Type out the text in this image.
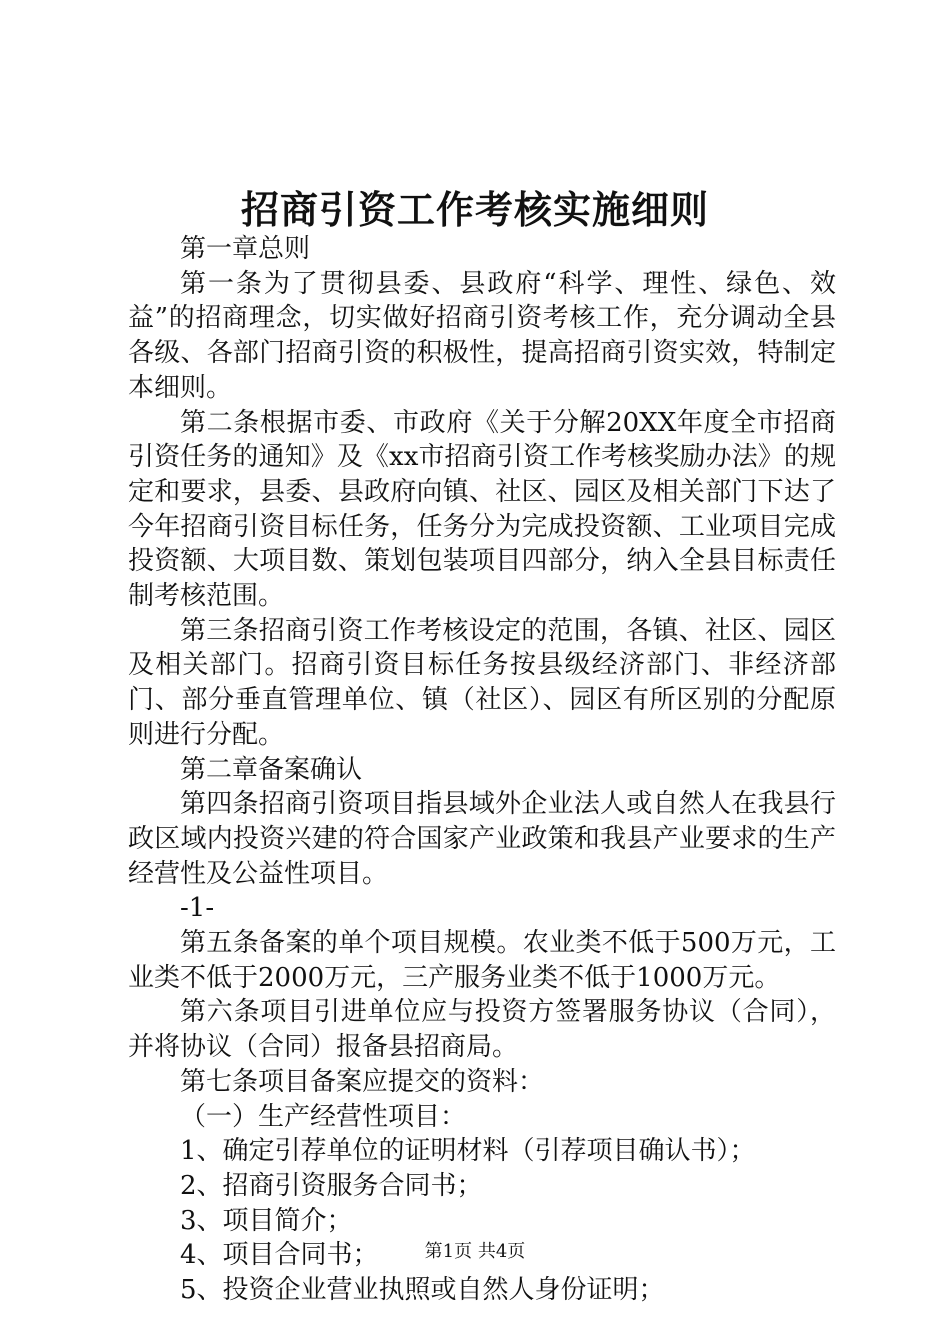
招商引资工作考核实施细则

第一章总则

第一条为了贯彻县委、县政府“科学、理性、绿色、效益”的招商理念，切实做好招商引资考核工作，充分调动全县各级、各部门招商引资的积极性，提高招商引资实效，特制定本细则。

第二条根据市委、市政府《关于分解20XX年度全市招商引资任务的通知》及《xx市招商引资工作考核奖励办法》的规定和要求，县委、县政府向镇、社区、园区及相关部门下达了今年招商引资目标任务，任务分为完成投资额、工业项目完成投资额、大项目数、策划包装项目四部分，纳入全县目标责任制考核范围。

第三条招商引资工作考核设定的范围，各镇、社区、园区及相关部门。招商引资目标任务按县级经济部门、非经济部门、部分垂直管理单位、镇（社区）、园区有所区别的分配原则进行分配。

第二章备案确认

第四条招商引资项目指县域外企业法人或自然人在我县行政区域内投资兴建的符合国家产业政策和我县产业要求的生产经营性及公益性项目。

-1-

第五条备案的单个项目规模。农业类不低于500万元，工业类不低于2000万元，三产服务业类不低于1000万元。

第六条项目引进单位应与投资方签署服务协议（合同），并将协议（合同）报备县招商局。

第七条项目备案应提交的资料：

（一）生产经营性项目：

1、确定引荐单位的证明材料（引荐项目确认书）；

2、招商引资服务合同书；

3、项目简介；

4、项目合同书；

5、投资企业营业执照或自然人身份证明；

第1页 共4页
